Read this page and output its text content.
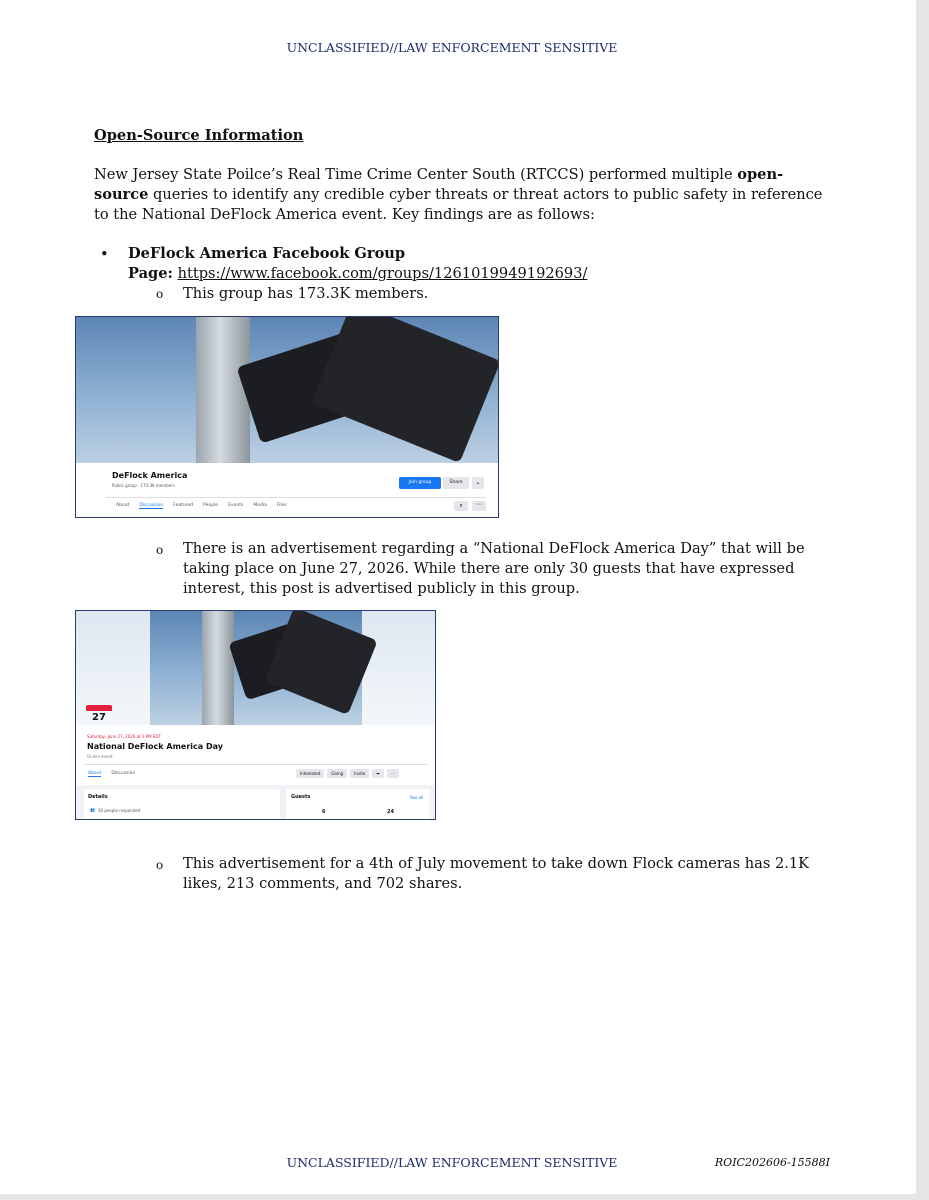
UNCLASSIFIED//LAW ENFORCEMENT SENSITIVE
Open-Source Information
New Jersey State Poilce’s Real Time Crime Center South (RTCCS) performed multiple open-source queries to identify any credible cyber threats or threat actors to public safety in reference to the National DeFlock America event. Key findings are as follows:
• DeFlock America Facebook Group
Page: https://www.facebook.com/groups/1261019949192693/
o This group has 173.3K members.
DeFlock America
Public group · 173.3K members
Join group	Share	⌄
About Discussion Featured People Events Media Files	⌕	⋯
o There is an advertisement regarding a “National DeFlock America Day” that will be taking place on June 27, 2026. While there are only 30 guests that have expressed interest, this post is advertised publicly in this group.
27
Saturday, June 27, 2026 at 1 PM EDT
National DeFlock America Day
Online event
About Discussion	Interested	Going	Invite	➦	⋯
Details
👥 30 people responded
Guests	See all
6	24
o This advertisement for a 4th of July movement to take down Flock cameras has 2.1K likes, 213 comments, and 702 shares.
UNCLASSIFIED//LAW ENFORCEMENT SENSITIVE	ROIC202606-15588I
